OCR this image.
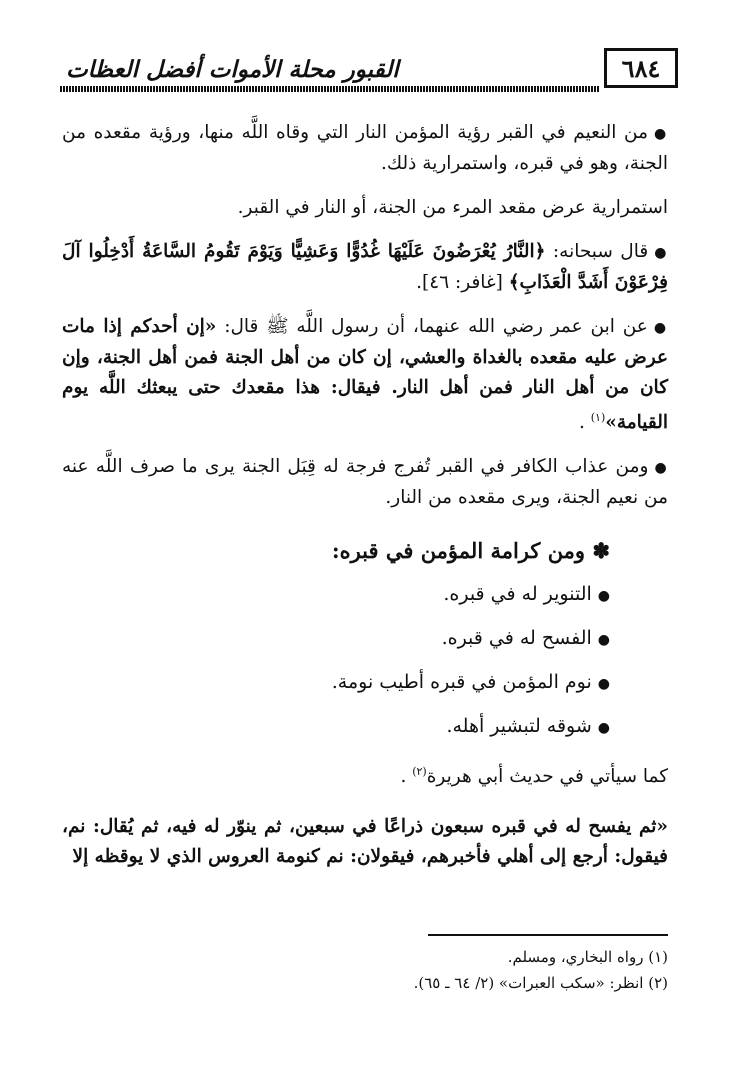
٦٨٤
القبور محلة الأموات أفضل العظات

●من النعيم في القبر رؤية المؤمن النار التي وقاه اللَّه منها، ورؤية مقعده من الجنة، وهو في قبره، واستمرارية ذلك.

استمرارية عرض مقعد المرء من الجنة، أو النار في القبر.

●قال سبحانه: ﴿النَّارُ يُعْرَضُونَ عَلَيْهَا غُدُوًّا وَعَشِيًّا وَيَوْمَ تَقُومُ السَّاعَةُ أَدْخِلُوا آلَ فِرْعَوْنَ أَشَدَّ الْعَذَابِ﴾ [غافر: ٤٦].

●عن ابن عمر رضي الله عنهما، أن رسول اللَّه ﷺ قال: «إن أحدكم إذا مات عرض عليه مقعده بالغداة والعشي، إن كان من أهل الجنة فمن أهل الجنة، وإن كان من أهل النار فمن أهل النار. فيقال: هذا مقعدك حتى يبعثك اللَّه يوم القيامة»$^{(١)}$ .

●ومن عذاب الكافر في القبر تُفرج فرجة له قِبَل الجنة يرى ما صرف اللَّه عنه من نعيم الجنة، ويرى مقعده من النار.

✽ ومن كرامة المؤمن في قبره:
●التنوير له في قبره.
●الفسح له في قبره.
●نوم المؤمن في قبره أطيب نومة.
●شوقه لتبشير أهله.

كما سيأتي في حديث أبي هريرة$^{(٢)}$ .

«ثم يفسح له في قبره سبعون ذراعًا في سبعين، ثم ينوّر له فيه، ثم يُقال: نم، فيقول: أرجع إلى أهلي فأخبرهم، فيقولان: نم كنومة العروس الذي لا يوقظه إلا

(١) رواه البخاري، ومسلم.
(٢) انظر: «سكب العبرات» (٢/ ٦٤ ـ ٦٥).
